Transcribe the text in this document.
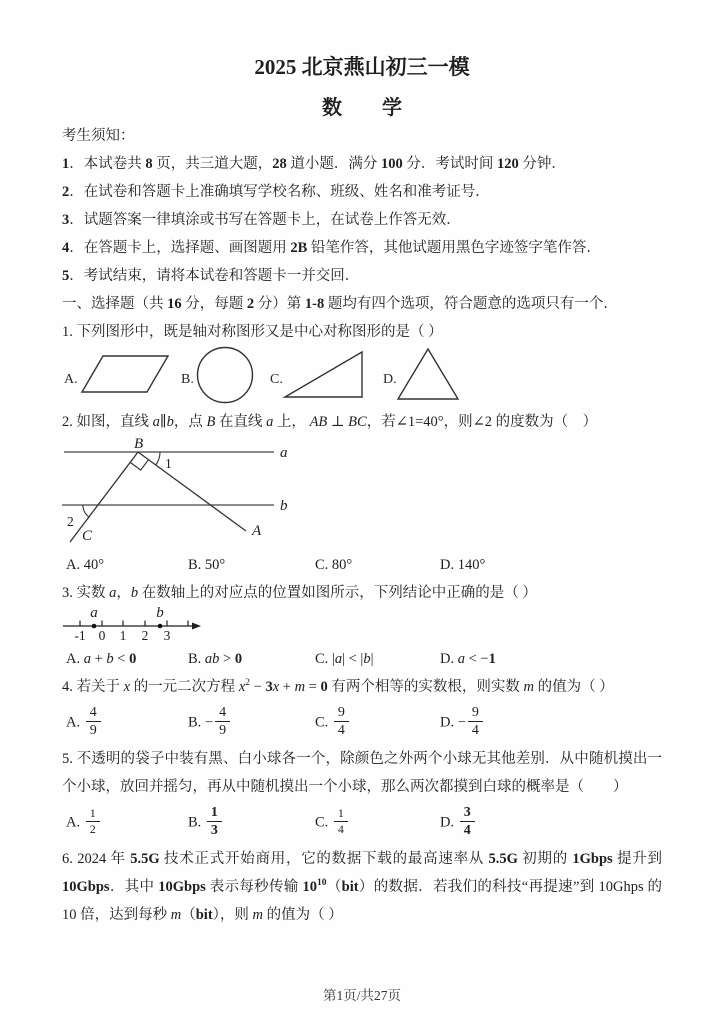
2025 北京燕山初三一模
数　　学

考生须知：

1．本试卷共 8 页，共三道大题，28 道小题．满分 100 分．考试时间 120 分钟．

2．在试卷和答题卡上准确填写学校名称、班级、姓名和准考证号．

3．试题答案一律填涂或书写在答题卡上，在试卷上作答无效．

4．在答题卡上，选择题、画图题用 2B 铅笔作答，其他试题用黑色字迹签字笔作答．

5．考试结束，请将本试卷和答题卡一并交回．

一、选择题（共 16 分，每题 2 分）第 1-8 题均有四个选项，符合题意的选项只有一个．

1. 下列图形中，既是轴对称图形又是中心对称图形的是（ ）

A.	B.	C.	D.

2. 如图，直线 a∥b，点 B 在直线 a 上， AB ⊥ BC，若∠1=40°，则∠2 的度数为（　）

B
a
b
1
2
C	A
A. 40°	B. 50°	C. 80°	D. 140°

3. 实数 a，b 在数轴上的对应点的位置如图所示，下列结论中正确的是（ ）

-1 0 1 2 3
a	b
A. a + b < 0	B. ab > 0	C. |a| < |b|	D. a < −1

4. 若关于 x 的一元二次方程 $x^2 - 3x + m = 0$ 有两个相等的实数根，则实数 m 的值为（ ）

A. $\frac{4}{9}$	B. − $\frac{4}{9}$	C. $\frac{9}{4}$	D. − $\frac{9}{4}$

5. 不透明的袋子中装有黑、白小球各一个，除颜色之外两个小球无其他差别．从中随机摸出一个小球，放回并摇匀，再从中随机摸出一个小球，那么两次都摸到白球的概率是（　　）

A. $\frac{1}{2}$	B. $\frac{1}{3}$	C. $\frac{1}{4}$	D. $\frac{3}{4}$

6. 2024 年 5.5G 技术正式开始商用，它的数据下载的最高速率从 5.5G 初期的 1Gbps 提升到 10Gbps．其中 10Gbps 表示每秒传输 $10^{10}(bit)$的数据．若我们的科技“再提速”到 10Ghps 的 10 倍，达到每秒 m（bit），则 m 的值为（ ）

第1页/共27页
